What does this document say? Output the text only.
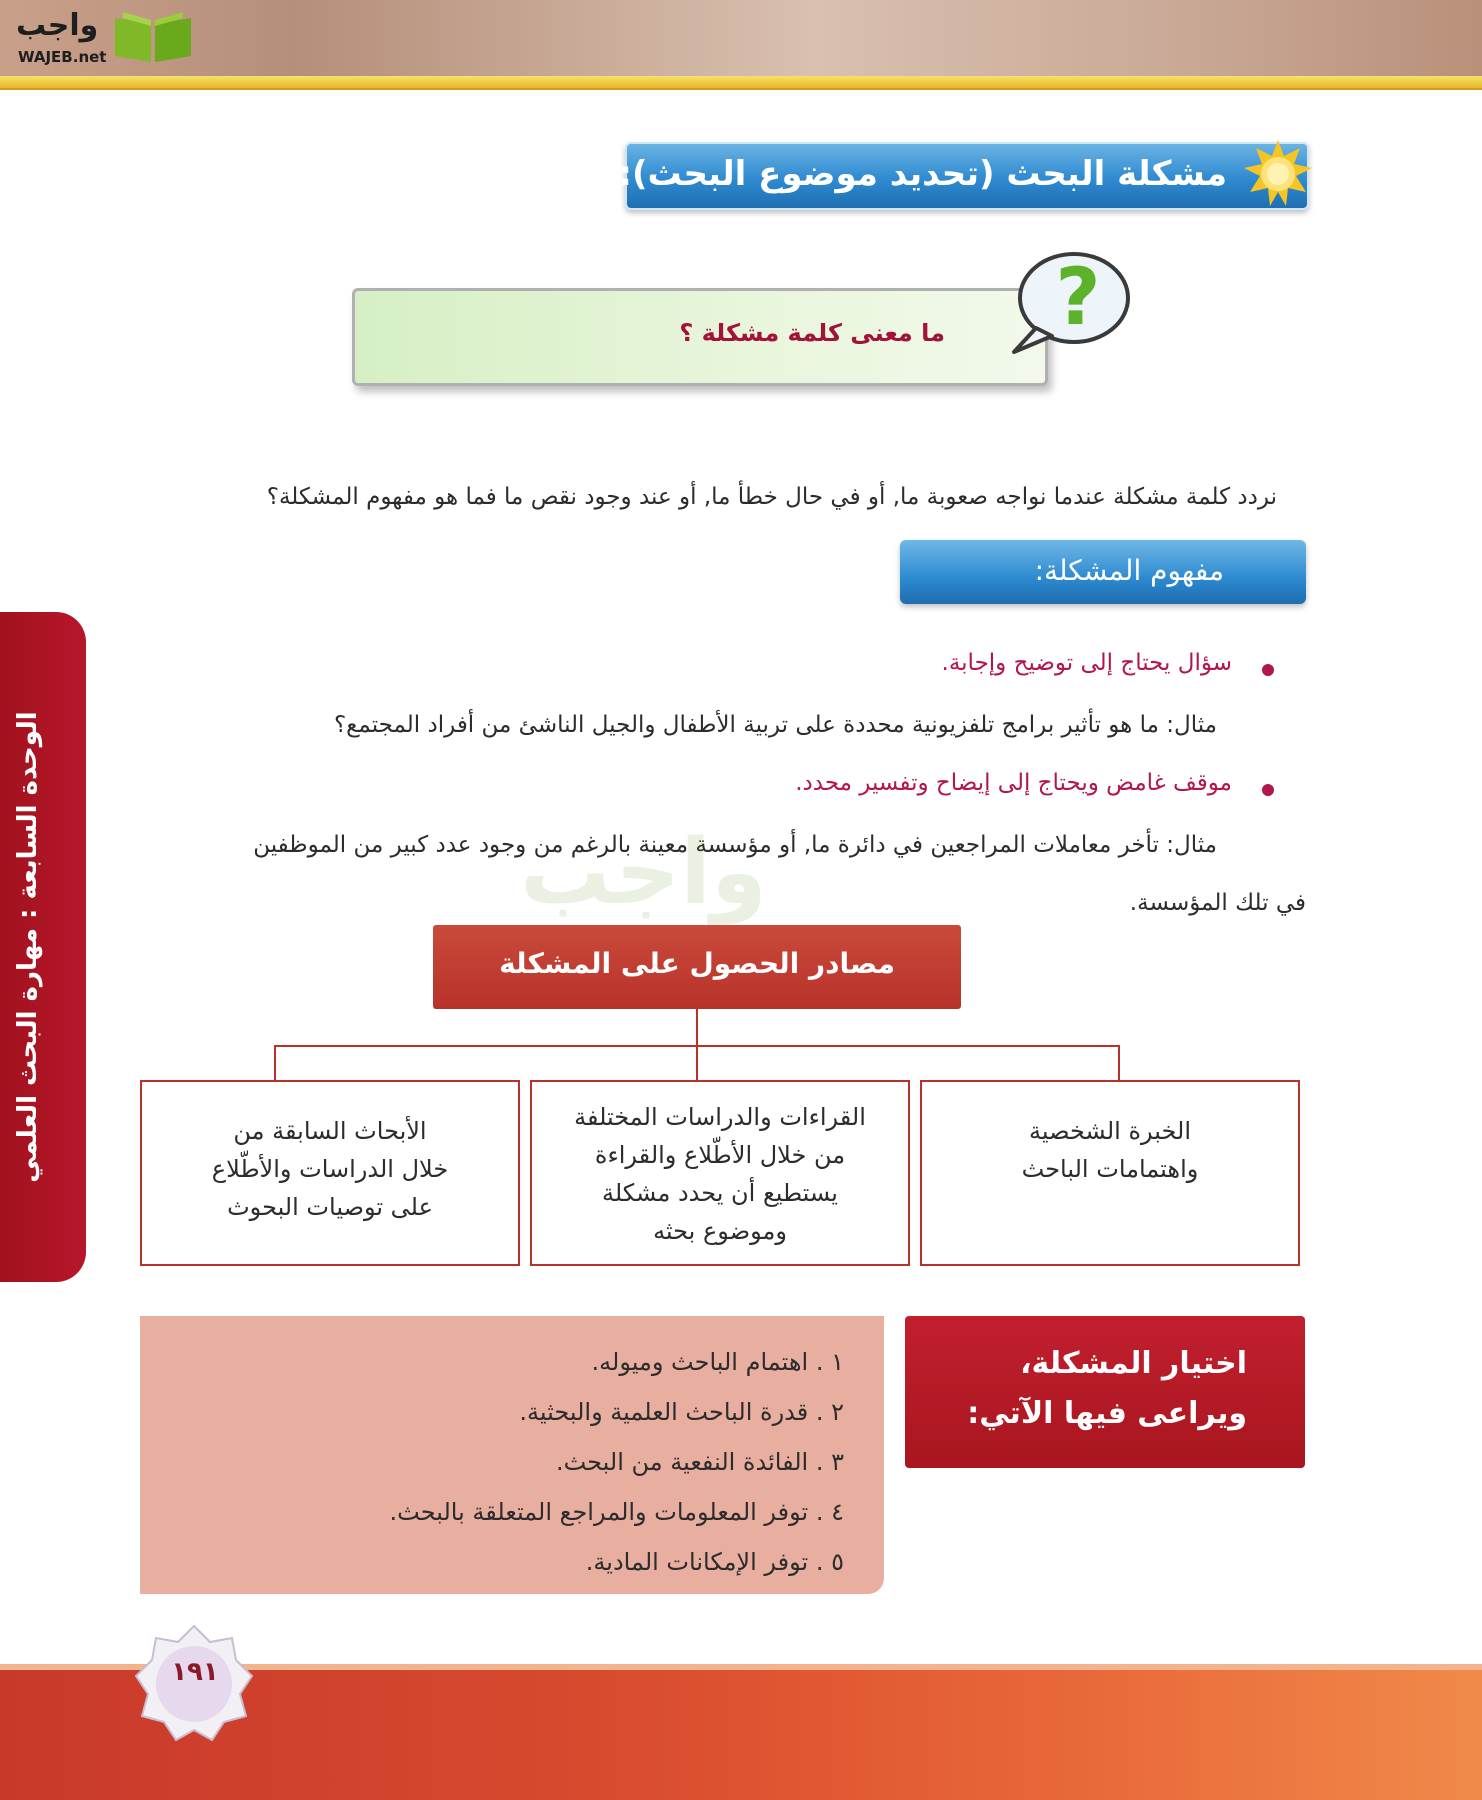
واجب
WAJEB.net
مشكلة البحث (تحديد موضوع البحث):
ما معنى كلمة مشكلة ؟ ?
نردد كلمة مشكلة عندما نواجه صعوبة ما, أو في حال خطأ ما, أو عند وجود نقص ما فما هو مفهوم المشكلة؟
مفهوم المشكلة:
سؤال يحتاج إلى توضيح وإجابة.
مثال: ما هو تأثير برامج تلفزيونية محددة على تربية الأطفال والجيل الناشئ من أفراد المجتمع؟
موقف غامض ويحتاج إلى إيضاح وتفسير محدد.
مثال: تأخر معاملات المراجعين في دائرة ما, أو مؤسسة معينة بالرغم من وجود عدد كبير من الموظفين
في تلك المؤسسة.
واجب
مصادر الحصول على المشكلة
الخبرة الشخصية
واهتمامات الباحث
القراءات والدراسات المختلفة
من خلال الأطّلاع والقراءة
يستطيع أن يحدد مشكلة
وموضوع بحثه
الأبحاث السابقة من
خلال الدراسات والأطّلاع
على توصيات البحوث
١ . اهتمام الباحث وميوله.
٢ . قدرة الباحث العلمية والبحثية.
٣ . الفائدة النفعية من البحث.
٤ . توفر المعلومات والمراجع المتعلقة بالبحث.
٥ . توفر الإمكانات المادية.
اختيار المشكلة،
ويراعى فيها الآتي:
الوحدة السابعة : مهارة البحث العلمي
١٩١
